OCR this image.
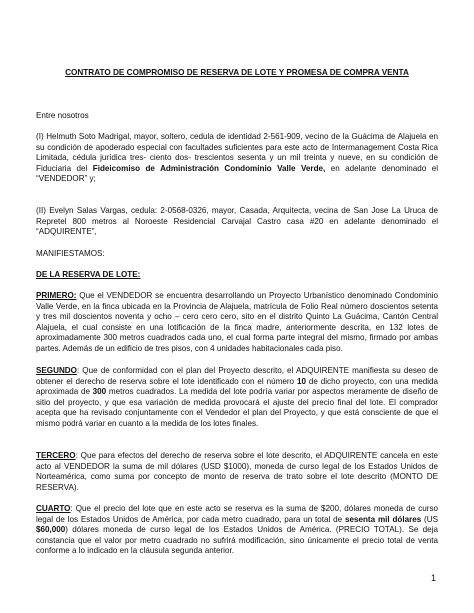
CONTRATO DE COMPROMISO DE RESERVA DE LOTE Y PROMESA DE COMPRA VENTA
Entre nosotros
(I) Helmuth Soto Madrigal, mayor, soltero, cedula de identidad 2-561-909, vecino de la Guácima de Alajuela en su condición de apoderado especial con facultades suficientes para este acto de Intermanagement Costa Rica Limitada, cédula jurídica tres- ciento dos- trescientos sesenta y un mil treinta y nueve, en su condición de Fiduciaria del Fideicomiso de Administración Condominio Valle Verde, en adelante denominado el “VENDEDOR” y;
(II) Evelyn Salas Vargas, cedula: 2-0568-0326, mayor, Casada, Arquitecta, vecina de San Jose La Uruca de Repretel 800 metros al Noroeste Residencial Carvajal Castro casa #20 en adelante denominado el “ADQUIRENTE”,
MANIFIESTAMOS:
DE LA RESERVA DE LOTE:
PRIMERO: Que el VENDEDOR se encuentra desarrollando un Proyecto Urbanístico denominado Condominio Valle Verde, en la finca ubicada en la Provincia de Alajuela, matrícula de Folio Real número doscientos setenta y tres mil doscientos noventa y ocho – cero cero cero, sito en el distrito Quinto La Guácima, Cantón Central Alajuela, el cual consiste en una lotificación de la finca madre, anteriormente descrita, en 132 lotes de aproximadamente 300 metros cuadrados cada uno, el cual forma parte integral del mismo, firmado por ambas partes. Además de un edificio de tres pisos, con 4 unidades habitacionales cada piso.
SEGUNDO: Que de conformidad con el plan del Proyecto descrito, el ADQUIRENTE manifiesta su deseo de obtener el derecho de reserva sobre el lote identificado con el número 10 de dicho proyecto, con una medida aproximada de 300 metros cuadrados. La medida del lote podría variar por aspectos meramente de diseño de sitio del proyecto, y que esa variación de medida provocará el ajuste del precio final del lote. El comprador acepta que ha revisado conjuntamente con el Vendedor el plan del Proyecto, y que está consciente de que el mismo podrá variar en cuanto a la medida de los lotes finales.
TERCERO: Que para efectos del derecho de reserva sobre el lote descrito, el ADQUIRENTE cancela en este acto al VENDEDOR la suma de mil dólares (USD $1000), moneda de curso legal de los Estados Unidos de Norteamérica, como suma por concepto de monto de reserva de trato sobre el lote descrito (MONTO DE RESERVA).
CUARTO: Que el precio del lote que en este acto se reserva es la suma de $200, dólares moneda de curso legal de los Estados Unidos de América, por cada metro cuadrado, para un total de sesenta mil dólares (US $60,000) dólares moneda de curso legal de los Estados Unidos de América. (PRECIO TOTAL). Se deja constancia que el valor por metro cuadrado no sufrirá modificación, sino únicamente el precio total de venta conforme a lo indicado en la cláusula segunda anterior.
1
